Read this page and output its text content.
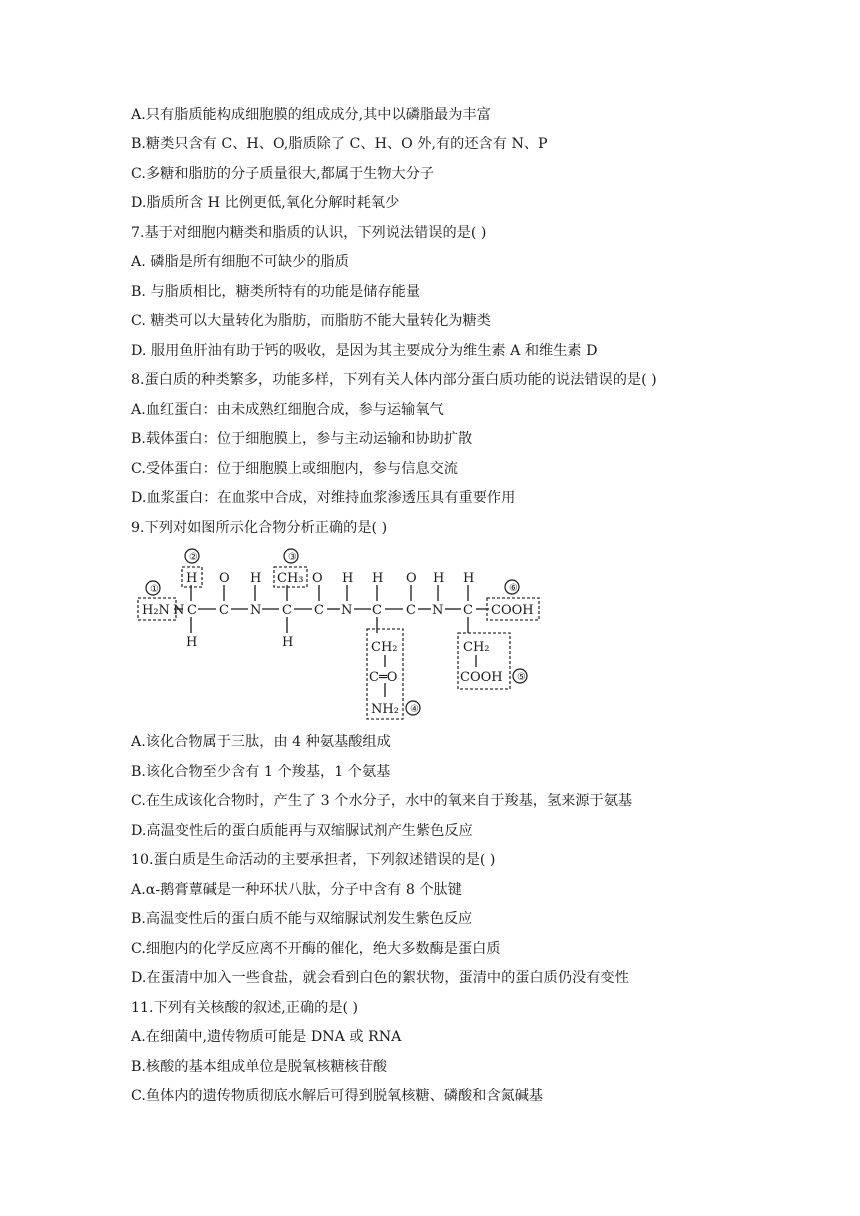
A.只有脂质能构成细胞膜的组成成分,其中以磷脂最为丰富
B.糖类只含有 C、H、O,脂质除了 C、H、O 外,有的还含有 N、P
C.多糖和脂肪的分子质量很大,都属于生物大分子
D.脂质所含 H 比例更低,氧化分解时耗氧少
7.基于对细胞内糖类和脂质的认识，下列说法错误的是( )
A. 磷脂是所有细胞不可缺少的脂质
B. 与脂质相比，糖类所特有的功能是储存能量
C. 糖类可以大量转化为脂肪，而脂肪不能大量转化为糖类
D. 服用鱼肝油有助于钙的吸收，是因为其主要成分为维生素 A 和维生素 D
8.蛋白质的种类繁多，功能多样，下列有关人体内部分蛋白质功能的说法错误的是( )
A.血红蛋白：由未成熟红细胞合成，参与运输氧气
B.载体蛋白：位于细胞膜上，参与主动运输和协助扩散
C.受体蛋白：位于细胞膜上或细胞内，参与信息交流
D.血浆蛋白：在血浆中合成，对维持血浆渗透压具有重要作用
9.下列对如图所示化合物分析正确的是( )
H₂N N
H
C
H
O
C
H
N
CH₃
C
H
O
C
H
N
H
C
O
C
H
N
H
C COOH
CH₂
C═O
NH₂
CH₂
COOH
①
②	③
④
⑤
⑥
A.该化合物属于三肽，由 4 种氨基酸组成
B.该化合物至少含有 1 个羧基，1 个氨基
C.在生成该化合物时，产生了 3 个水分子，水中的氧来自于羧基，氢来源于氨基
D.高温变性后的蛋白质能再与双缩脲试剂产生紫色反应
10.蛋白质是生命活动的主要承担者，下列叙述错误的是( )
A.α-鹅膏蕈碱是一种环状八肽，分子中含有 8 个肽键
B.高温变性后的蛋白质不能与双缩脲试剂发生紫色反应
C.细胞内的化学反应离不开酶的催化，绝大多数酶是蛋白质
D.在蛋清中加入一些食盐，就会看到白色的絮状物，蛋清中的蛋白质仍没有变性
11.下列有关核酸的叙述,正确的是( )
A.在细菌中,遗传物质可能是 DNA 或 RNA
B.核酸的基本组成单位是脱氧核糖核苷酸
C.鱼体内的遗传物质彻底水解后可得到脱氧核糖、磷酸和含氮碱基
